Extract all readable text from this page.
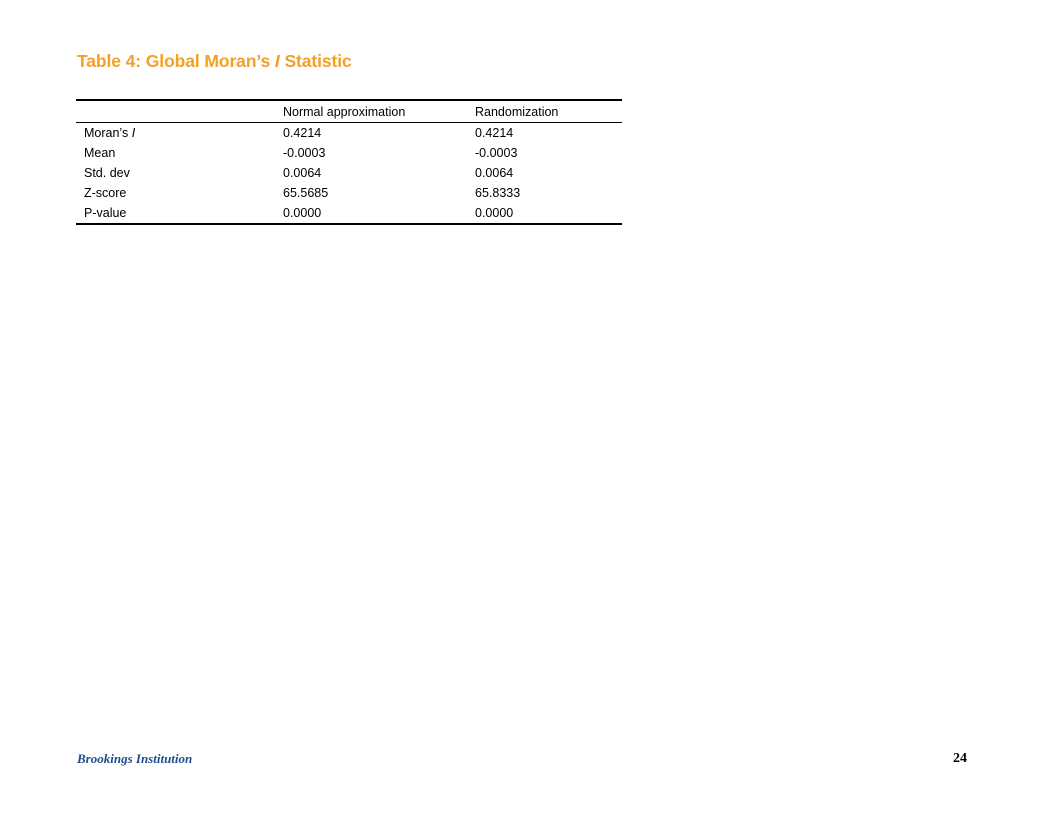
Table 4: Global Moran’s I Statistic
	Normal approximation	Randomization
Moran’s I	0.4214	0.4214
Mean	-0.0003	-0.0003
Std. dev	0.0064	0.0064
Z-score	65.5685	65.8333
P-value	0.0000	0.0000
Brookings Institution	24
